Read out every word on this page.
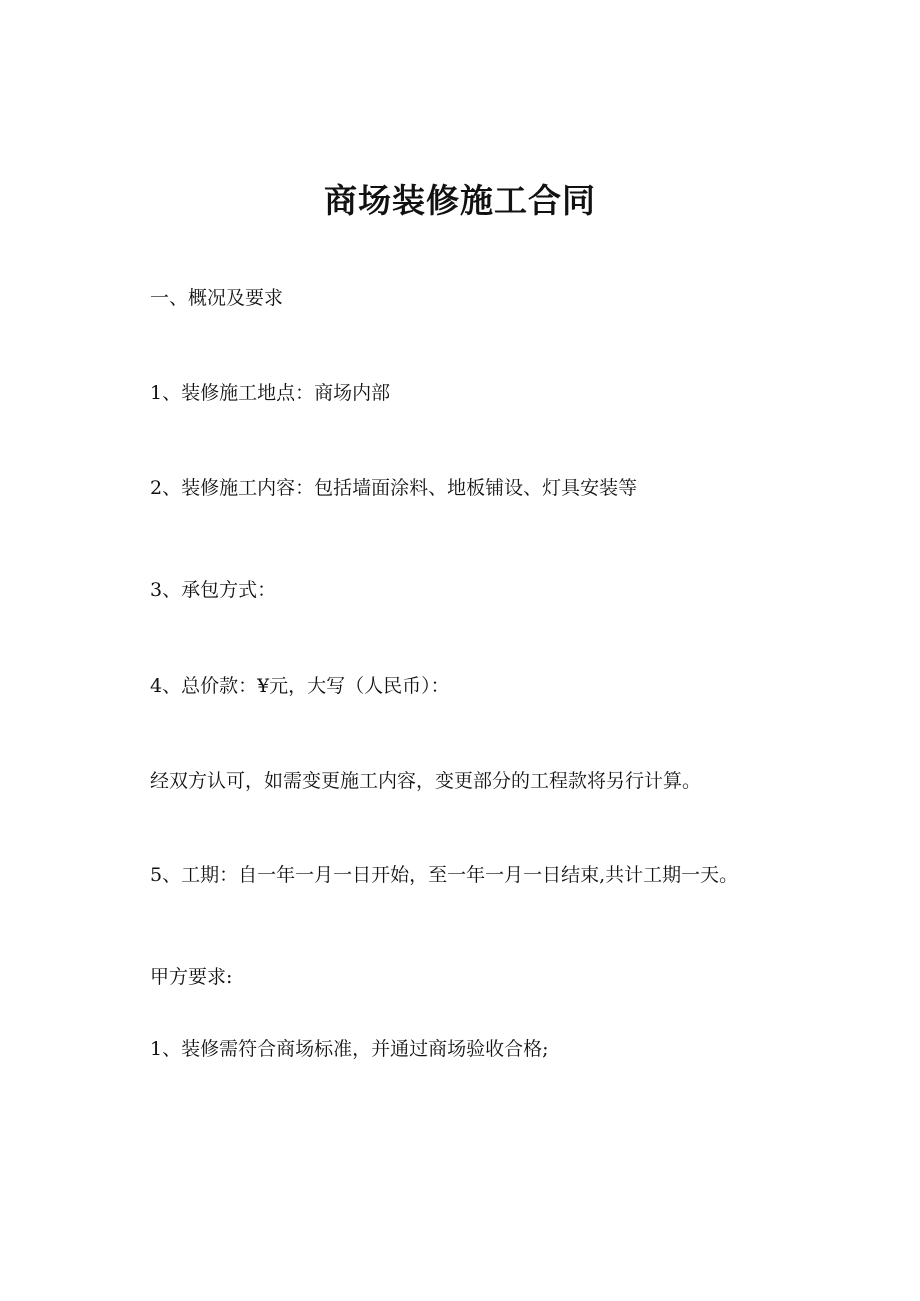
商场装修施工合同
一、概况及要求
1、装修施工地点：商场内部
2、装修施工内容：包括墙面涂料、地板铺设、灯具安装等
3、承包方式：
4、总价款：¥元，大写（人民币）：
经双方认可，如需变更施工内容，变更部分的工程款将另行计算。
5、工期：自一年一月一日开始，至一年一月一日结束,共计工期一天。
甲方要求:
1、装修需符合商场标准，并通过商场验收合格;
